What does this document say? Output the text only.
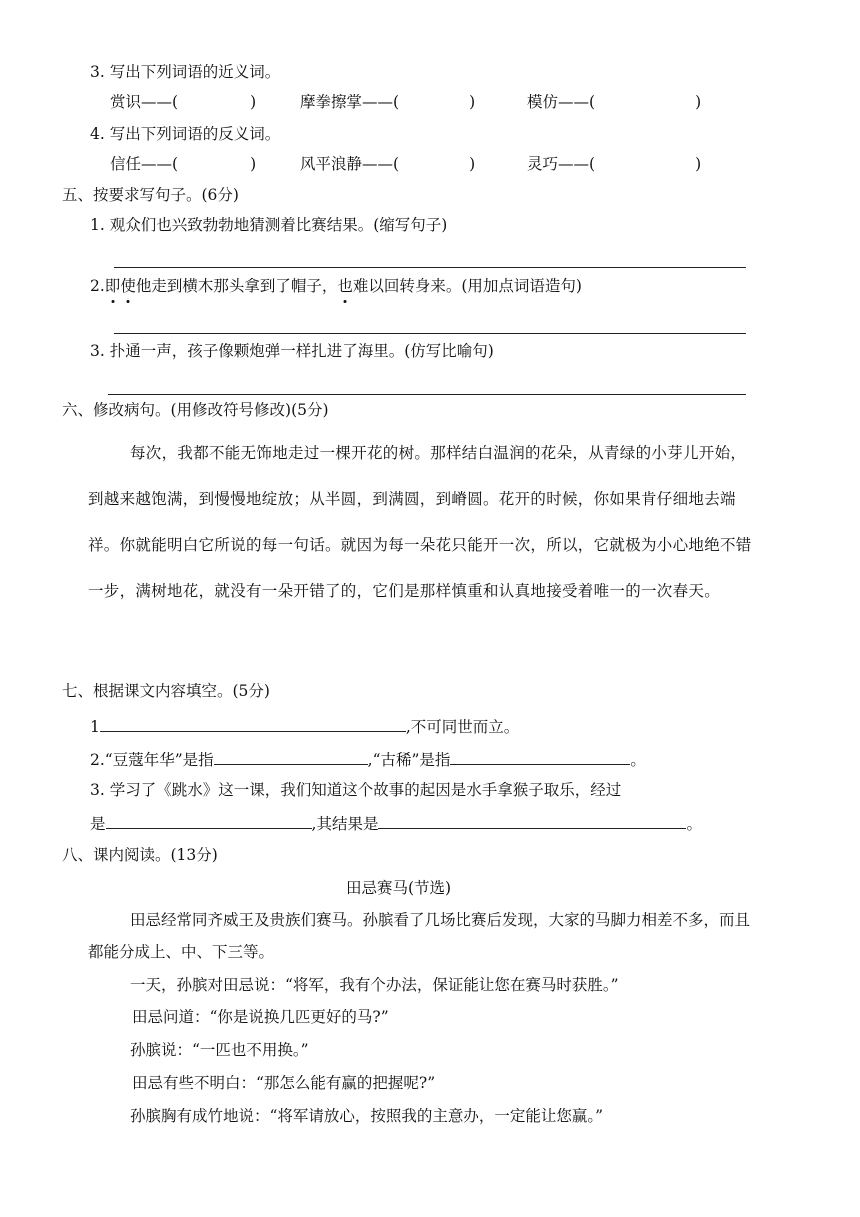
3. 写出下列词语的近义词。
赏识——(	)	摩拳擦掌——(	)	模仿——(	)
4. 写出下列词语的反义词。
信任——(	)	风平浪静——(	)	灵巧——(	)
五、按要求写句子。(6分)
1. 观众们也兴致勃勃地猜测着比赛结果。(缩写句子)
2.即使他走到横木那头拿到了帽子，也难以回转身来。(用加点词语造句)
3. 扑通一声，孩子像颗炮弹一样扎进了海里。(仿写比喻句)
六、修改病句。(用修改符号修改)(5分)
每次，我都不能无饰地走过一棵开花的树。那样结白温润的花朵，从青绿的小芽儿开始，到越来越饱满，到慢慢地绽放；从半圆，到满圆，到嵴圆。花开的时候，你如果肯仔细地去端祥。你就能明白它所说的每一句话。就因为每一朵花只能开一次，所以，它就极为小心地绝不错一步，满树地花，就没有一朵开错了的，它们是那样慎重和认真地接受着唯一的一次春天。
七、根据课文内容填空。(5分)
1	,不可同世而立。
2.“豆蔻年华”是指	,“古稀”是指	。
3. 学习了《跳水》这一课，我们知道这个故事的起因是水手拿猴子取乐，经过
是	,其结果是	。
八、课内阅读。(13分)
田忌赛马(节选)
田忌经常同齐威王及贵族们赛马。孙膑看了几场比赛后发现，大家的马脚力相差不多，而且都能分成上、中、下三等。
一天，孙膑对田忌说：“将军，我有个办法，保证能让您在赛马时获胜。”
田忌问道：“你是说换几匹更好的马?”
孙膑说：“一匹也不用换。”
田忌有些不明白：“那怎么能有赢的把握呢?”
孙膑胸有成竹地说：“将军请放心，按照我的主意办，一定能让您赢。”
